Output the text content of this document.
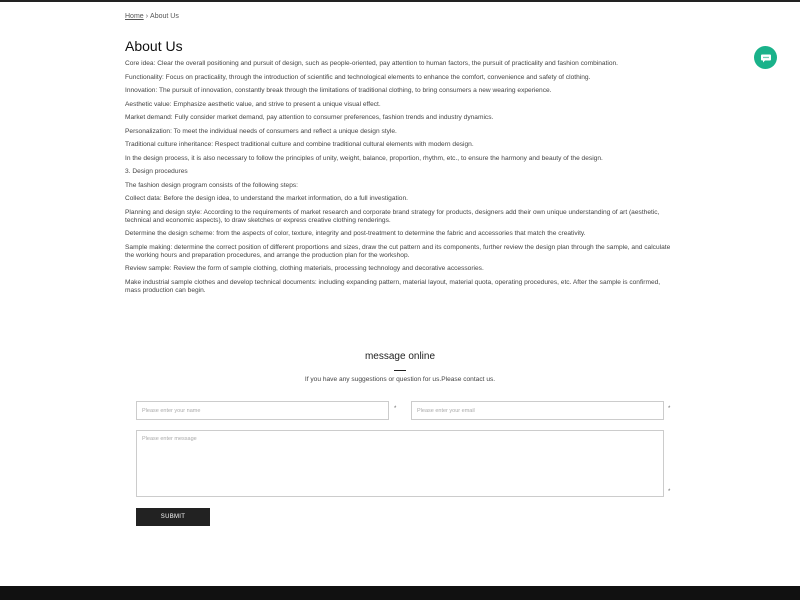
Home › About Us
About Us

Core idea: Clear the overall positioning and pursuit of design, such as people-oriented, pay attention to human factors, the pursuit of practicality and fashion combination.

Functionality: Focus on practicality, through the introduction of scientific and technological elements to enhance the comfort, convenience and safety of clothing.

Innovation: The pursuit of innovation, constantly break through the limitations of traditional clothing, to bring consumers a new wearing experience.

Aesthetic value: Emphasize aesthetic value, and strive to present a unique visual effect.

Market demand: Fully consider market demand, pay attention to consumer preferences, fashion trends and industry dynamics.

Personalization: To meet the individual needs of consumers and reflect a unique design style.

Traditional culture inheritance: Respect traditional culture and combine traditional cultural elements with modern design.

In the design process, it is also necessary to follow the principles of unity, weight, balance, proportion, rhythm, etc., to ensure the harmony and beauty of the design.

3. Design procedures

The fashion design program consists of the following steps:

Collect data: Before the design idea, to understand the market information, do a full investigation.

Planning and design style: According to the requirements of market research and corporate brand strategy for products, designers add their own unique understanding of art (aesthetic, technical and economic aspects), to draw sketches or express creative clothing renderings.

Determine the design scheme: from the aspects of color, texture, integrity and post-treatment to determine the fabric and accessories that match the creativity.

Sample making: determine the correct position of different proportions and sizes, draw the cut pattern and its components, further review the design plan through the sample, and calculate the working hours and preparation procedures, and arrange the production plan for the workshop.

Review sample: Review the form of sample clothing, clothing materials, processing technology and decorative accessories.

Make industrial sample clothes and develop technical documents: including expanding pattern, material layout, material quota, operating procedures, etc. After the sample is confirmed, mass production can begin.

message online
If you have any suggestions or question for us.Please contact us.
Please enter your name
*
Please enter your email	*
Please enter message
*
SUBMIT
